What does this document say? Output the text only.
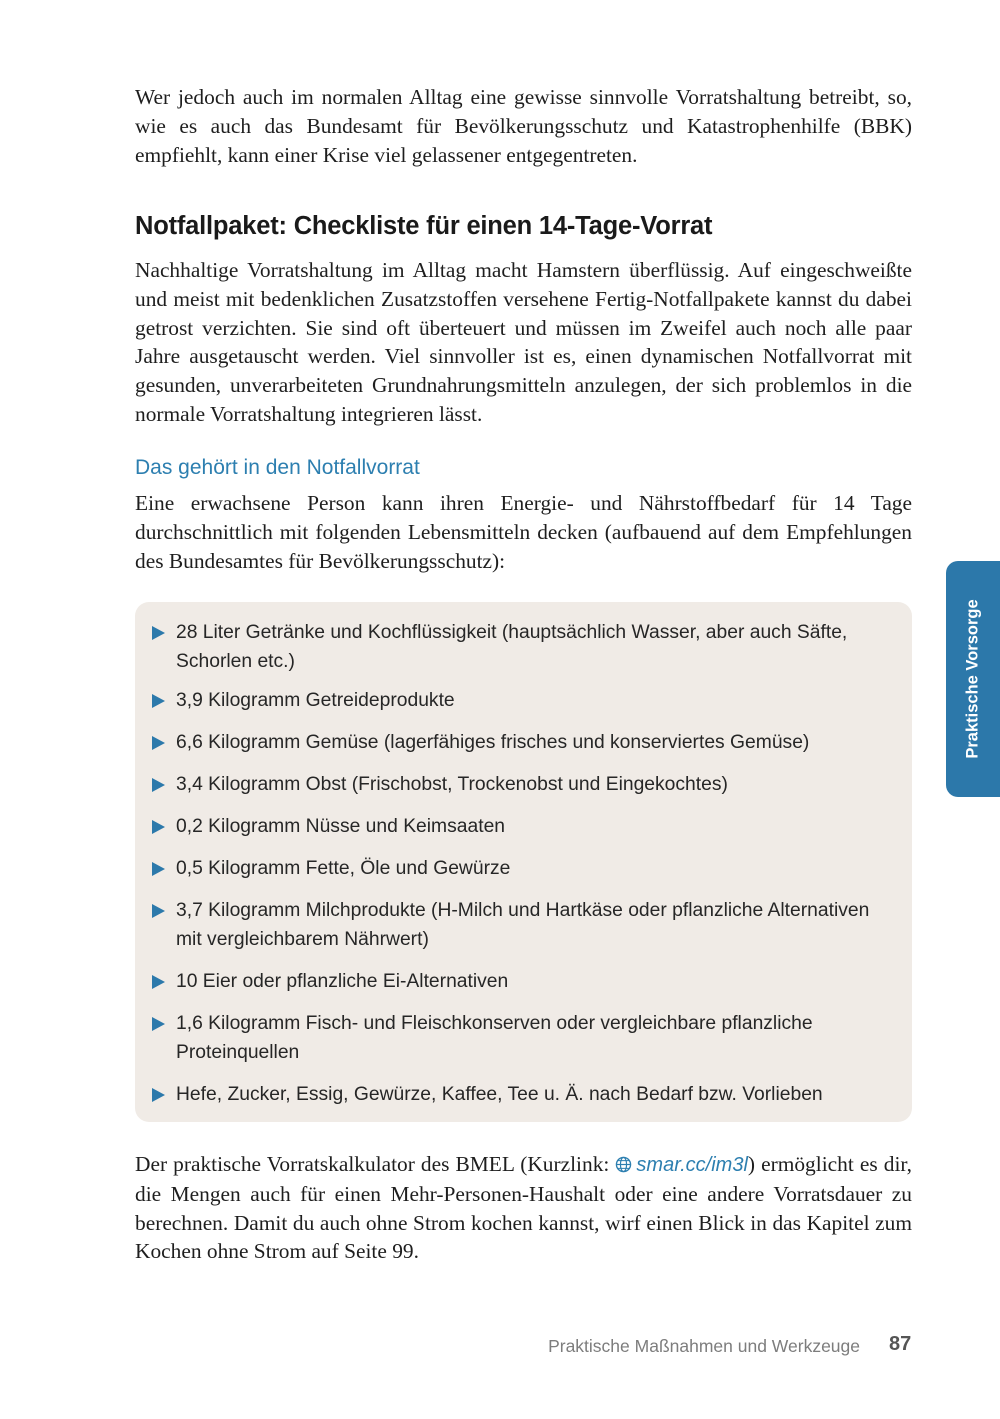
Wer jedoch auch im normalen Alltag eine gewisse sinnvolle Vorratshaltung betreibt, so, wie es auch das Bundesamt für Bevölkerungsschutz und Katastrophenhilfe (BBK) empfiehlt, kann einer Krise viel gelassener entgegentreten.

Notfallpaket: Checkliste für einen 14-Tage-Vorrat

Nachhaltige Vorratshaltung im Alltag macht Hamstern überflüssig. Auf eingeschweißte und meist mit bedenklichen Zusatzstoffen versehene Fertig-Notfallpakete kannst du dabei getrost verzichten. Sie sind oft überteuert und müssen im Zweifel auch noch alle paar Jahre ausgetauscht werden. Viel sinnvoller ist es, einen dynamischen Notfallvorrat mit gesunden, unverarbeiteten Grundnahrungsmitteln anzulegen, der sich problemlos in die normale Vorratshaltung integrieren lässt.

Das gehört in den Notfallvorrat

Eine erwachsene Person kann ihren Energie- und Nährstoffbedarf für 14 Tage durchschnittlich mit folgenden Lebensmitteln decken (aufbauend auf dem Empfehlungen des Bundesamtes für Bevölkerungsschutz):

28 Liter Getränke und Kochflüssigkeit (hauptsächlich Wasser, aber auch Säfte, Schorlen etc.)
3,9 Kilogramm Getreideprodukte
6,6 Kilogramm Gemüse (lagerfähiges frisches und konserviertes Gemüse)
3,4 Kilogramm Obst (Frischobst, Trockenobst und Eingekochtes)
0,2 Kilogramm Nüsse und Keimsaaten
0,5 Kilogramm Fette, Öle und Gewürze
3,7 Kilogramm Milchprodukte (H-Milch und Hartkäse oder pflanzliche Alternativen mit vergleichbarem Nährwert)
10 Eier oder pflanzliche Ei-Alternativen
1,6 Kilogramm Fisch- und Fleischkonserven oder vergleichbare pflanzliche Proteinquellen
Hefe, Zucker, Essig, Gewürze, Kaffee, Tee u. Ä. nach Bedarf bzw. Vorlieben

Der praktische Vorratskalkulator des BMEL (Kurzlink: smar.cc/im3l) ermöglicht es dir, die Mengen auch für einen Mehr-Personen-Haushalt oder eine andere Vorratsdauer zu berechnen. Damit du auch ohne Strom kochen kannst, wirf einen Blick in das Kapitel zum Kochen ohne Strom auf Seite 99.

Praktische Vorsorge
Praktische Maßnahmen und Werkzeuge 87
